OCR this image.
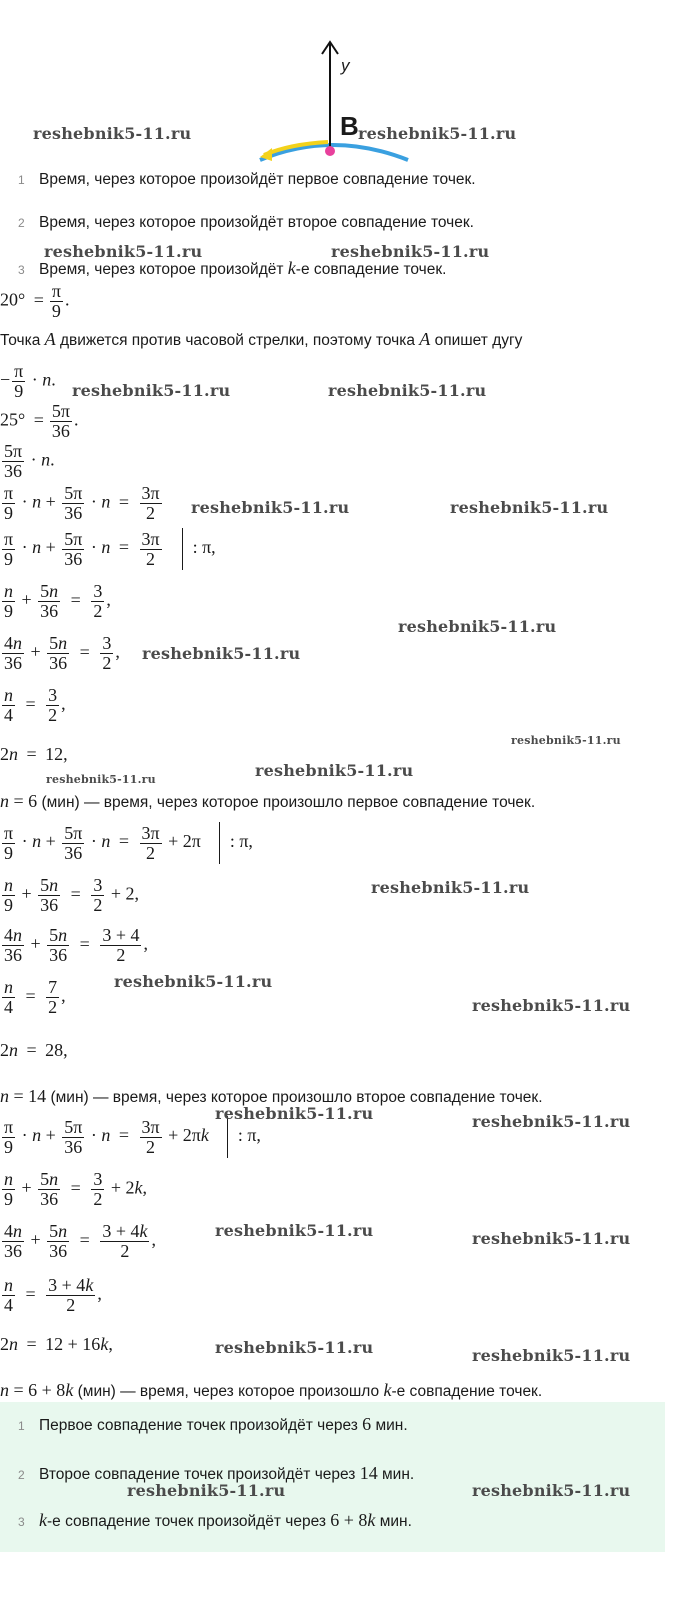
y
B
1 Время, через которое произойдёт первое совпадение точек.
2 Время, через которое произойдёт второе совпадение точек.
3 Время, через которое произойдёт k-е совпадение точек.
$20^\circ = \frac{\pi}{9}$ .
Точка A движется против часовой стрелки, поэтому точка A опишет дугу
− $\frac{\pi}{9} \cdot n$.
$25^\circ = \frac{5\pi}{36}$ .
$\frac{5\pi}{36} \cdot n$.
$\frac{\pi}{9} \cdot n + \frac{5\pi}{36} \cdot n = \frac{3\pi}{2}$
$\frac{\pi}{9} \cdot n + \frac{5\pi}{36} \cdot n = \frac{3\pi}{2}$ : π,
$\frac{n}{9} + \frac{5n}{36} = \frac{3}{2}$ ,
$\frac{4n}{36} + \frac{5n}{36} = \frac{3}{2}$ ,
$\frac{n}{4} = \frac{3}{2}$ ,
2n = 12,
n = 6 (мин) — время, через которое произошло первое совпадение точек.
$\frac{\pi}{9} \cdot n + \frac{5\pi}{36} \cdot n = \frac{3\pi}{2} + 2\pi$ : π,
$\frac{n}{9} + \frac{5n}{36} = \frac{3}{2} + 2$,
$\frac{4n}{36} + \frac{5n}{36} = \frac{3 + 4}{2}$ ,
$\frac{n}{4} = \frac{7}{2}$ ,
2n = 28,
n = 14 (мин) — время, через которое произошло второе совпадение точек.
$\frac{\pi}{9} \cdot n + \frac{5\pi}{36} \cdot n = \frac{3\pi}{2} + 2\pi k$ : π,
$\frac{n}{9} + \frac{5n}{36} = \frac{3}{2} + 2k$,
$\frac{4n}{36} + \frac{5n}{36} = \frac{3 + 4k}{2}$ ,
$\frac{n}{4} = \frac{3 + 4k}{2}$ ,
2n = 12 + 16k,
n = 6 + 8k (мин) — время, через которое произошло k-е совпадение точек.
1 Первое совпадение точек произойдёт через 6 мин.
2 Второе совпадение точек произойдёт через 14 мин.
3 k-е совпадение точек произойдёт через 6 + 8k мин.
reshebnik5-11.ru	reshebnik5-11.ru
reshebnik5-11.ru	reshebnik5-11.ru
reshebnik5-11.ru	reshebnik5-11.ru
reshebnik5-11.ru	reshebnik5-11.ru
reshebnik5-11.ru
reshebnik5-11.ru
reshebnik5-11.ru
reshebnik5-11.ru
reshebnik5-11.ru
reshebnik5-11.ru
reshebnik5-11.ru
reshebnik5-11.ru
reshebnik5-11.ru	reshebnik5-11.ru
reshebnik5-11.ru	reshebnik5-11.ru
reshebnik5-11.ru	reshebnik5-11.ru
reshebnik5-11.ru	reshebnik5-11.ru
